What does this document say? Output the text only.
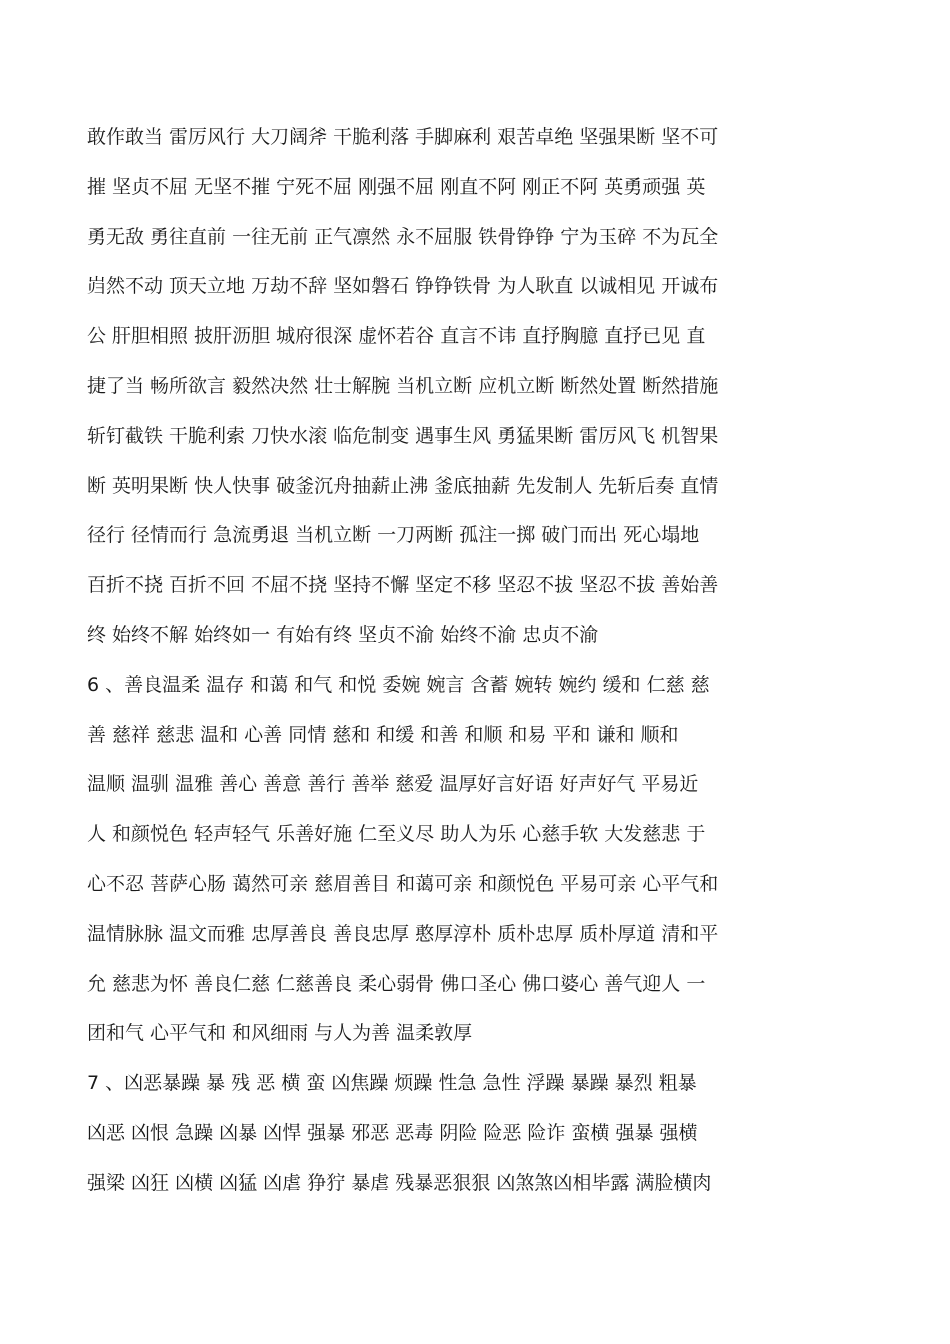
敢作敢当 雷厉风行 大刀阔斧 干脆利落 手脚麻利 艰苦卓绝 坚强果断 坚不可
摧 坚贞不屈 无坚不摧 宁死不屈 刚强不屈 刚直不阿 刚正不阿 英勇顽强 英
勇无敌 勇往直前 一往无前 正气凛然 永不屈服 铁骨铮铮 宁为玉碎 不为瓦全
岿然不动 顶天立地 万劫不辞 坚如磐石 铮铮铁骨 为人耿直 以诚相见 开诚布
公 肝胆相照 披肝沥胆 城府很深 虚怀若谷 直言不讳 直抒胸臆 直抒已见 直
捷了当 畅所欲言 毅然决然 壮士解腕 当机立断 应机立断 断然处置 断然措施
斩钉截铁 干脆利索 刀快水滚 临危制变 遇事生风 勇猛果断 雷厉风飞 机智果
断 英明果断 快人快事 破釜沉舟抽薪止沸 釜底抽薪 先发制人 先斩后奏 直情
径行 径情而行 急流勇退 当机立断 一刀两断 孤注一掷 破门而出 死心塌地
百折不挠 百折不回 不屈不挠 坚持不懈 坚定不移 坚忍不拔 坚忍不拔 善始善
终 始终不解 始终如一 有始有终 坚贞不渝 始终不渝 忠贞不渝
6 、善良温柔 温存 和蔼 和气 和悦 委婉 婉言 含蓄 婉转 婉约 缓和 仁慈 慈
善 慈祥 慈悲 温和 心善 同情 慈和 和缓 和善 和顺 和易 平和 谦和 顺和
温顺 温驯 温雅 善心 善意 善行 善举 慈爱 温厚好言好语 好声好气 平易近
人 和颜悦色 轻声轻气 乐善好施 仁至义尽 助人为乐 心慈手软 大发慈悲 于
心不忍 菩萨心肠 蔼然可亲 慈眉善目 和蔼可亲 和颜悦色 平易可亲 心平气和
温情脉脉 温文而雅 忠厚善良 善良忠厚 憨厚淳朴 质朴忠厚 质朴厚道 清和平
允 慈悲为怀 善良仁慈 仁慈善良 柔心弱骨 佛口圣心 佛口婆心 善气迎人 一
团和气 心平气和 和风细雨 与人为善 温柔敦厚
7 、凶恶暴躁 暴 残 恶 横 蛮 凶焦躁 烦躁 性急 急性 浮躁 暴躁 暴烈 粗暴
凶恶 凶恨 急躁 凶暴 凶悍 强暴 邪恶 恶毒 阴险 险恶 险诈 蛮横 强暴 强横
强梁 凶狂 凶横 凶猛 凶虐 狰狞 暴虐 残暴恶狠狠 凶煞煞凶相毕露 满脸横肉
